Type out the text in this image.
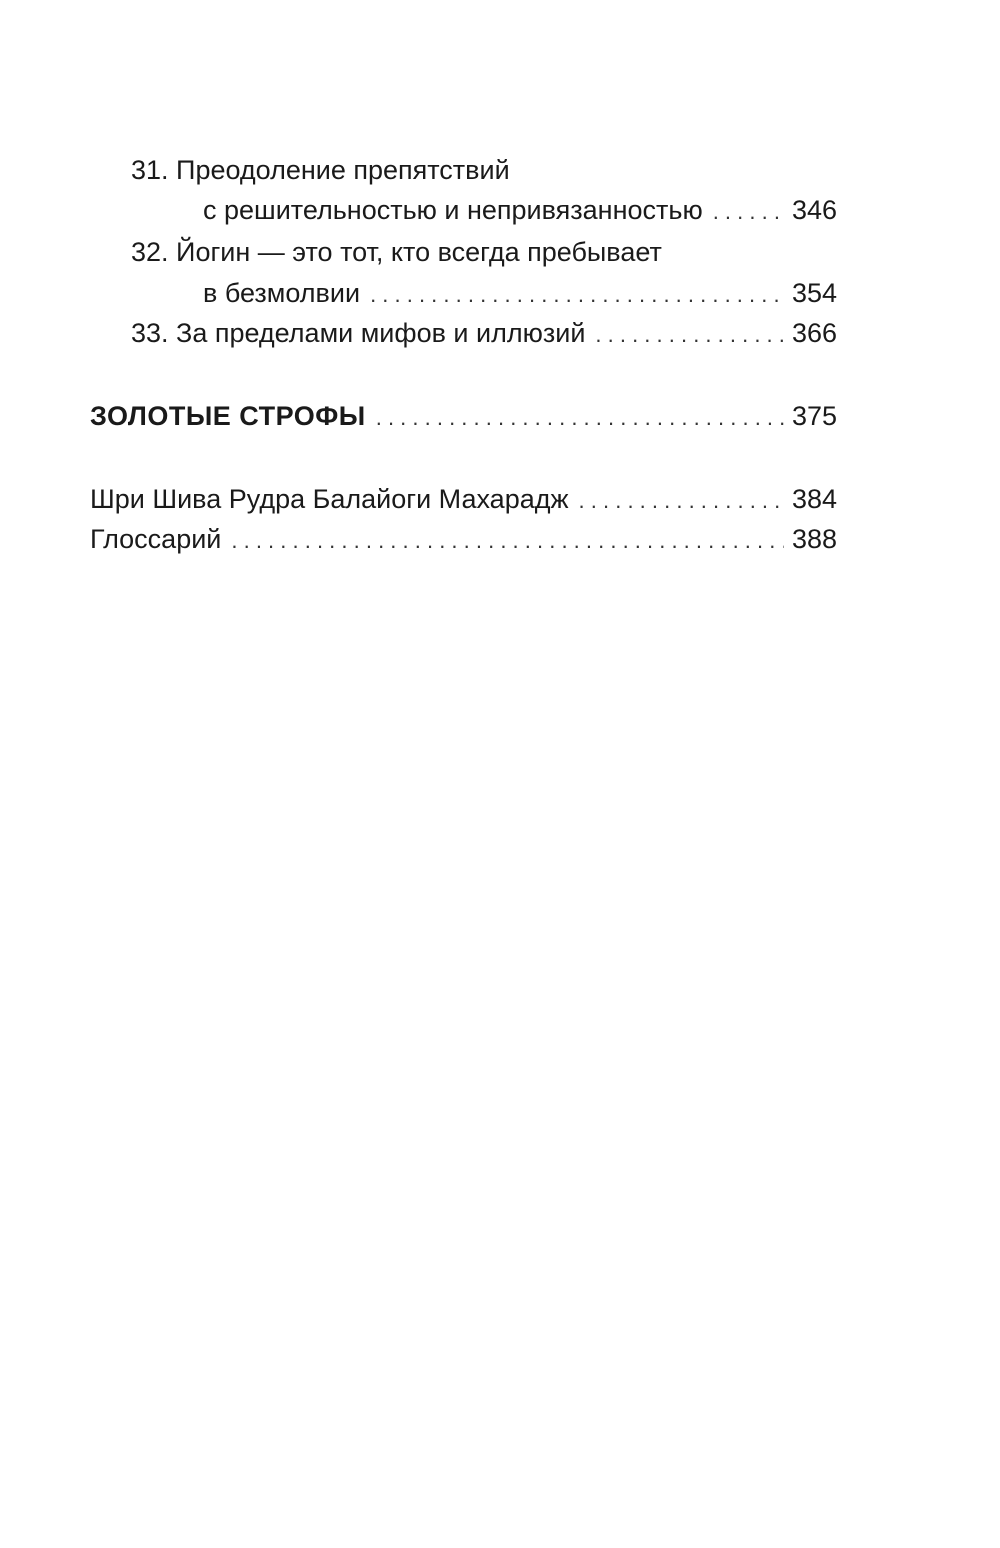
31. Преодоление препятствий
с решительностью и непривязанностью . . .	346
32. Йогин — это тот, кто всегда пребывает
в безмолвии . . .	354
33. За пределами мифов и иллюзий . . .	366
ЗОЛОТЫЕ СТРОФЫ . . .	375
Шри Шива Рудра Балайоги Махарадж . . .	384
Глоссарий . . .	388
